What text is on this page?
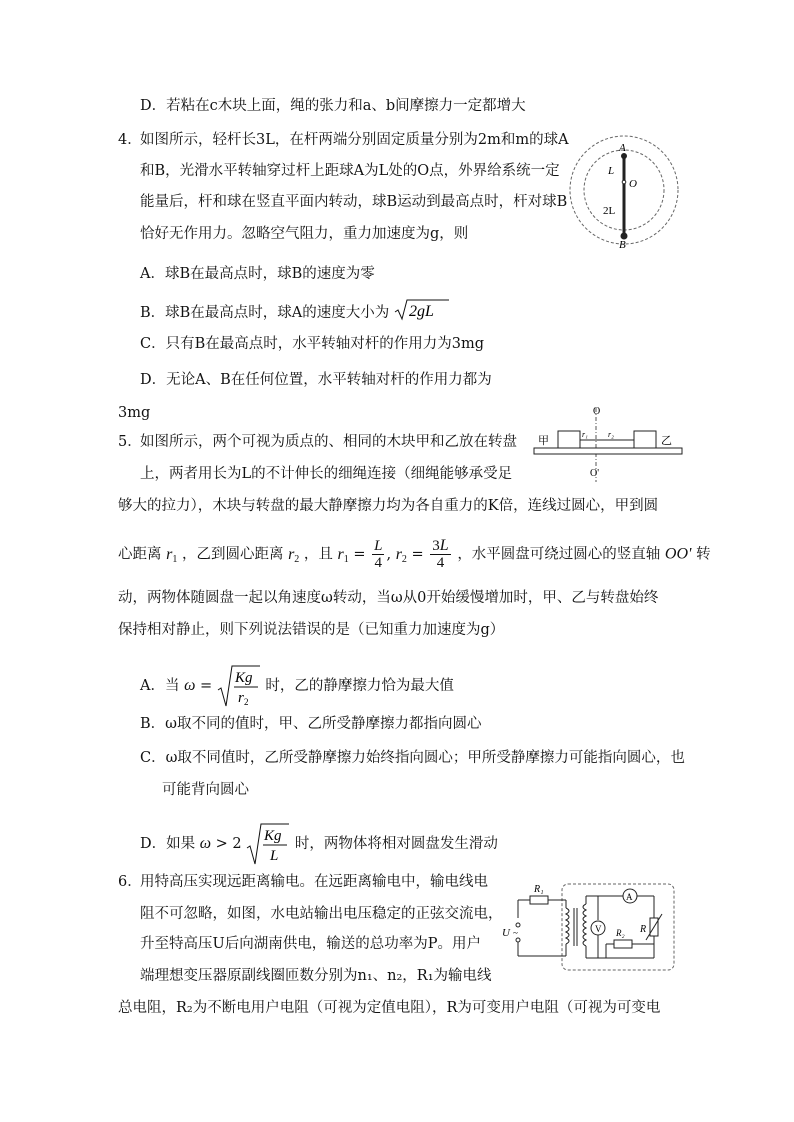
D．若粘在c木块上面，绳的张力和a、b间摩擦力一定都增大
4．
如图所示，轻杆长3L，在杆两端分别固定质量分别为2m和m的球A
和B，光滑水平转轴穿过杆上距球A为L处的O点，外界给系统一定
能量后，杆和球在竖直平面内转动，球B运动到最高点时，杆对球B
恰好无作用力。忽略空气阻力，重力加速度为g，则
A．球B在最高点时，球B的速度为零
B．球B在最高点时，球A的速度大小为 2gL
C．只有B在最高点时，水平转轴对杆的作用力为3mg
D．无论A、B在任何位置，水平转轴对杆的作用力都为
3mg
A
L
O
2L
B
5．
如图所示，两个可视为质点的、相同的木块甲和乙放在转盘
上，两者用长为L的不计伸长的细绳连接（细绳能够承受足
够大的拉力），木块与转盘的最大静摩擦力均为各自重力的K倍，连线过圆心，甲到圆
心距离 $r_1$ ，乙到圆心距离 $r_2$ ，且 $r_1 = \frac{L}{4}$ , $r_2 = \frac{3L}{4}$ ，水平圆盘可绕过圆心的竖直轴 OO' 转
动，两物体随圆盘一起以角速度ω转动，当ω从0开始缓慢增加时，甲、乙与转盘始终
保持相对静止，则下列说法错误的是（已知重力加速度为g）
A．当 ω = Kg
r 2
时，乙的静摩擦力恰为最大值
B．ω取不同的值时，甲、乙所受静摩擦力都指向圆心
C．ω取不同值时，乙所受静摩擦力始终指向圆心；甲所受静摩擦力可能指向圆心，也
可能背向圆心
D．如果 ω > 2 Kg
L
时，两物体将相对圆盘发生滑动
甲	乙
O
O'
r₁	r₂
6．
用特高压实现远距离输电。在远距离输电中，输电线电
阻不可忽略，如图，水电站输出电压稳定的正弦交流电，
升至特高压U后向湖南供电，输送的总功率为P。用户
端理想变压器原副线圈匝数分别为n₁、n₂，R₁为输电线
总电阻，R₂为不断电用户电阻（可视为定值电阻），R为可变用户电阻（可视为可变电
R₁
U ~
A
V	R
R₂
